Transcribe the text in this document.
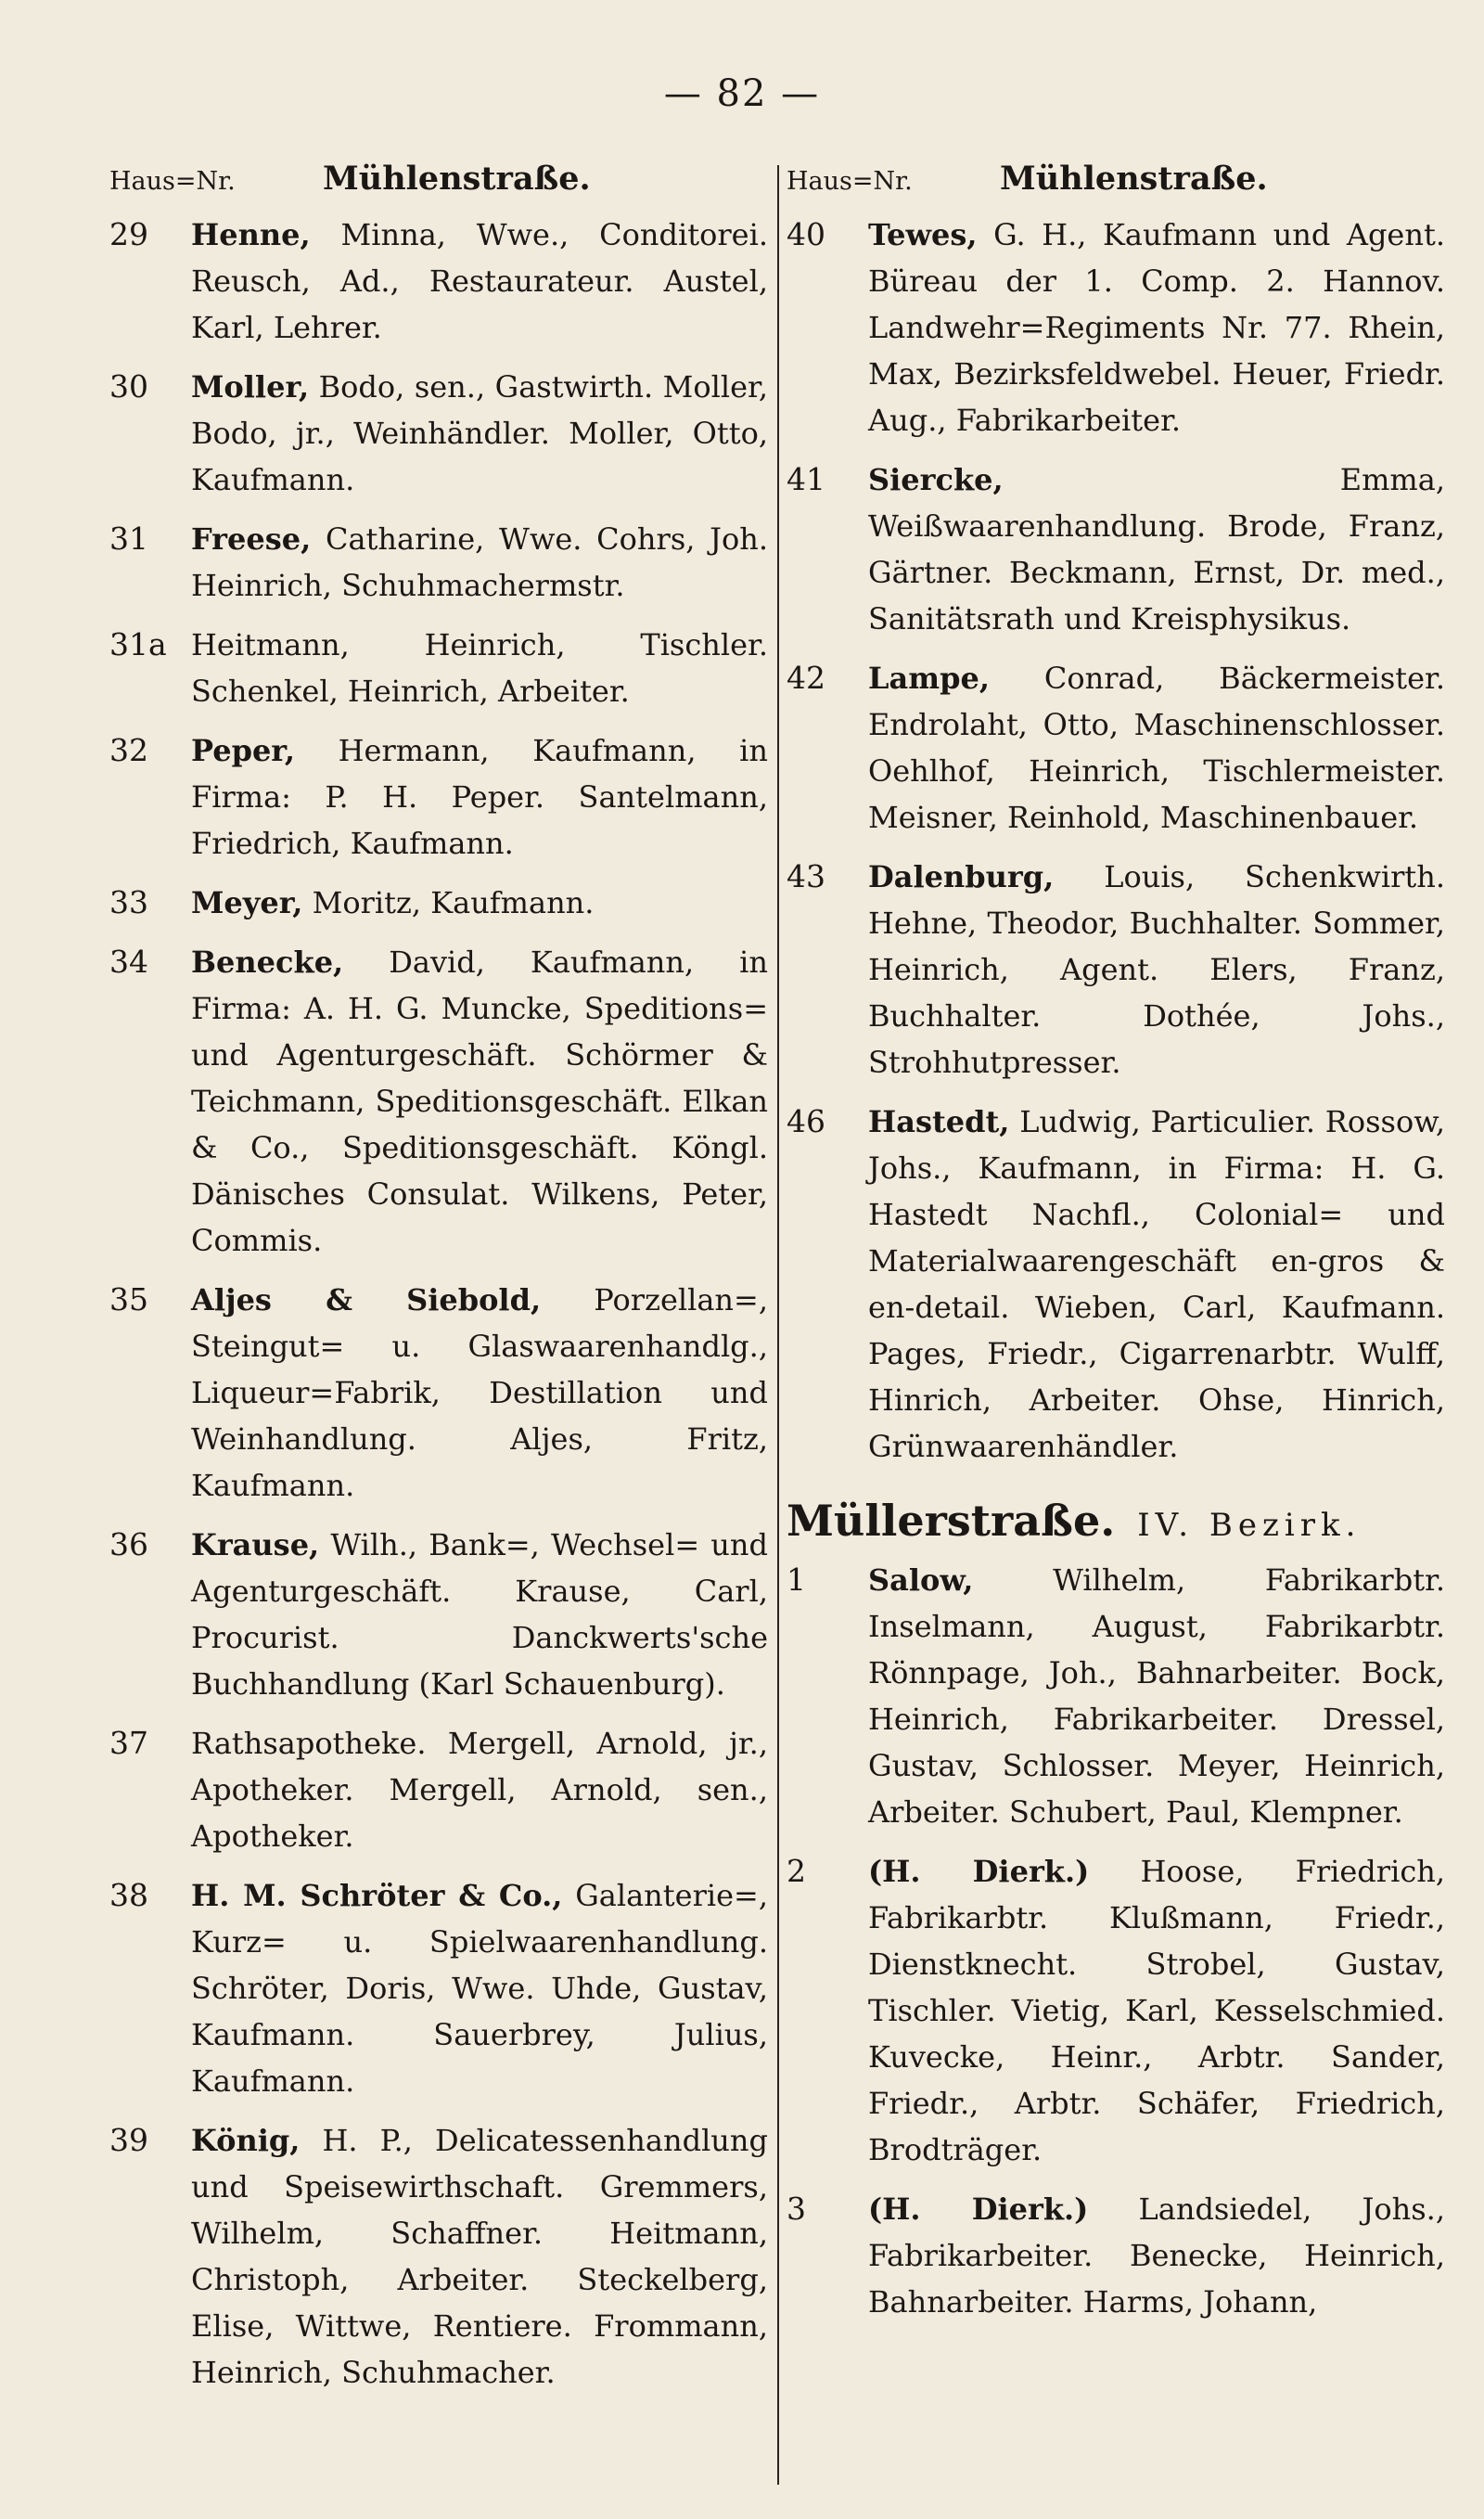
— 82 —
Haus=Nr.	Mühlenstraße.
29	Henne, Minna, Wwe., Conditorei. Reusch, Ad., Restaurateur. Austel, Karl, Lehrer.
30	Moller, Bodo, sen., Gastwirth. Moller, Bodo, jr., Weinhändler. Moller, Otto, Kaufmann.
31	Freese, Catharine, Wwe. Cohrs, Joh. Heinrich, Schuhmachermstr.
31a Heitmann, Heinrich, Tischler. Schenkel, Heinrich, Arbeiter.
32	Peper, Hermann, Kaufmann, in Firma: P. H. Peper. Santelmann, Friedrich, Kaufmann.
33	Meyer, Moritz, Kaufmann.
34	Benecke, David, Kaufmann, in Firma: A. H. G. Muncke, Speditions= und Agenturgeschäft. Schörmer & Teichmann, Speditionsgeschäft. Elkan & Co., Speditionsgeschäft. Köngl. Dänisches Consulat. Wilkens, Peter, Commis.
35	Aljes & Siebold, Porzellan=, Steingut= u. Glaswaarenhandlg., Liqueur=Fabrik, Destillation und Weinhandlung. Aljes, Fritz, Kaufmann.
36	Krause, Wilh., Bank=, Wechsel= und Agenturgeschäft. Krause, Carl, Procurist. Danckwerts'sche Buchhandlung (Karl Schauenburg).
37	Rathsapotheke. Mergell, Arnold, jr., Apotheker. Mergell, Arnold, sen., Apotheker.
38	H. M. Schröter & Co., Galanterie=, Kurz= u. Spielwaarenhandlung. Schröter, Doris, Wwe. Uhde, Gustav, Kaufmann. Sauerbrey, Julius, Kaufmann.
39	König, H. P., Delicatessenhandlung und Speisewirthschaft. Gremmers, Wilhelm, Schaffner. Heitmann, Christoph, Arbeiter. Steckelberg, Elise, Wittwe, Rentiere. Frommann, Heinrich, Schuhmacher.
Haus=Nr.	Mühlenstraße.
40	Tewes, G. H., Kaufmann und Agent. Büreau der 1. Comp. 2. Hannov. Landwehr=Regiments Nr. 77. Rhein, Max, Bezirksfeldwebel. Heuer, Friedr. Aug., Fabrikarbeiter.
41	Siercke,	Emma, Weißwaarenhandlung. Brode, Franz, Gärtner. Beckmann, Ernst, Dr. med., Sanitätsrath und Kreisphysikus.
42	Lampe, Conrad, Bäckermeister. Endrolaht, Otto, Maschinenschlosser. Oehlhof, Heinrich, Tischlermeister. Meisner, Reinhold, Maschinenbauer.
43	Dalenburg, Louis, Schenkwirth. Hehne, Theodor, Buchhalter. Sommer, Heinrich, Agent. Elers, Franz, Buchhalter. Dothée, Johs., Strohhutpresser.
46	Hastedt, Ludwig, Particulier. Rossow, Johs., Kaufmann, in Firma: H. G. Hastedt Nachfl., Colonial= und Materialwaarengeschäft en-gros & en-detail. Wieben, Carl, Kaufmann. Pages, Friedr., Cigarrenarbtr. Wulff, Hinrich, Arbeiter. Ohse, Hinrich, Grünwaarenhändler.
Müllerstraße. IV. Bezirk.
1	Salow,	Wilhelm, Fabrikarbtr. Inselmann, August, Fabrikarbtr. Rönnpage, Joh., Bahnarbeiter. Bock, Heinrich, Fabrikarbeiter. Dressel, Gustav, Schlosser. Meyer, Heinrich, Arbeiter. Schubert, Paul, Klempner.
2	(H. Dierk.) Hoose, Friedrich, Fabrikarbtr. Klußmann, Friedr., Dienstknecht. Strobel, Gustav, Tischler. Vietig, Karl, Kesselschmied. Kuvecke, Heinr., Arbtr. Sander, Friedr., Arbtr. Schäfer, Friedrich, Brodträger.
3	(H. Dierk.) Landsiedel, Johs., Fabrikarbeiter. Benecke, Heinrich, Bahnarbeiter. Harms, Johann,
